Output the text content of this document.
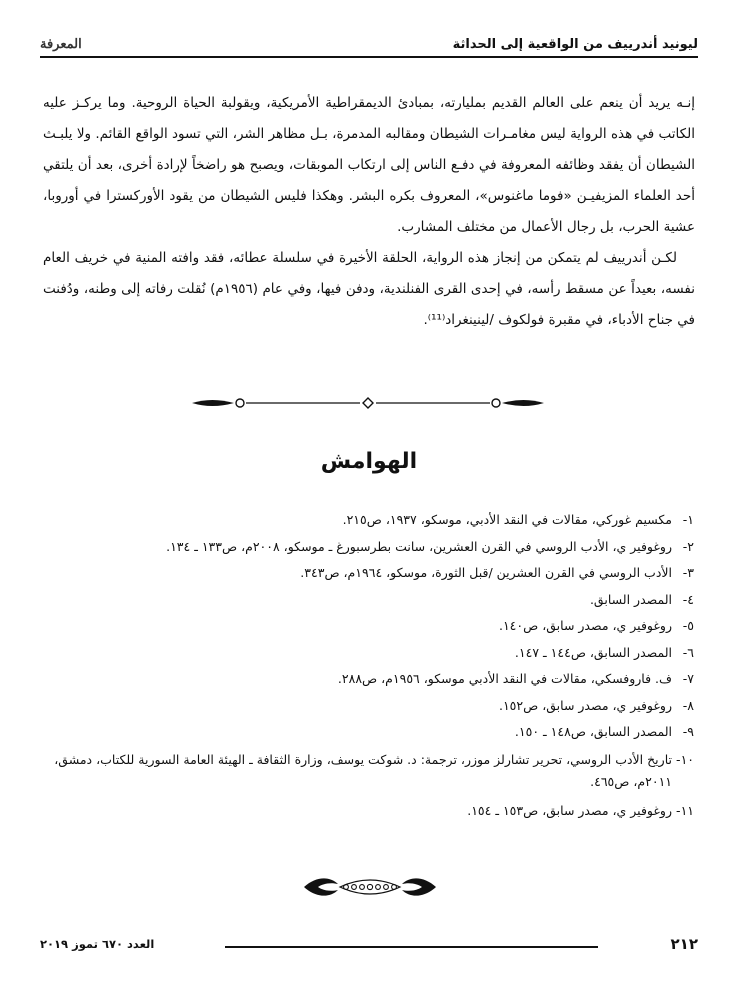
ليونيد أندرييف من الواقعية إلى الحداثة
المعرفة

إنـه يريد أن ينعم على العالم القديم بمليارته، بمبادئ الديمقراطية الأمريكية، ويقولبة الحياة الروحية. وما يركـز عليه الكاتب في هذه الرواية ليس مغامـرات الشيطان ومقالبه المدمرة، بـل مظاهر الشر، التي تسود الواقع القائم. ولا يلبـث الشيطان أن يفقد وظائفه المعروفة في دفـع الناس إلى ارتكاب الموبقات، ويصبح هو راضخاً لإرادة أخرى، بعد أن يلتقي أحد العلماء المزيفيـن «فوما ماغنوس»، المعروف بكره البشر. وهكذا فليس الشيطان من يقود الأوركسترا في أوروبا، عشية الحرب، بل رجال الأعمال من مختلف المشارب.

لكـن أندرييف لم يتمكن من إنجاز هذه الرواية، الحلقة الأخيرة في سلسلة عطائه، فقد وافته المنية في خريف العام نفسه، بعيداً عن مسقط رأسه، في إحدى القرى الفنلندية، ودفن فيها، وفي عام (١٩٥٦م) نُقلت رفاته إلى وطنه، ودُفنت في جناح الأدباء، في مقبرة فولكوف /لينينغراد⁽¹¹⁾.

الهوامش
١-مكسيم غوركي، مقالات في النقد الأدبي، موسكو، ١٩٣٧، ص٢١٥.
٢-روغوفير ي، الأدب الروسي في القرن العشرين، سانت بطرسبورغ ـ موسكو، ٢٠٠٨م، ص١٣٣ ـ ١٣٤.
٣-الأدب الروسي في القرن العشرين /قبل الثورة، موسكو، ١٩٦٤م، ص٣٤٣.
٤-المصدر السابق.
٥-روغوفير ي، مصدر سابق، ص١٤٠.
٦-المصدر السابق، ص١٤٤ ـ ١٤٧.
٧-ف. فاروفسكي، مقالات في النقد الأدبي موسكو، ١٩٥٦م، ص٢٨٨.
٨-روغوفير ي، مصدر سابق، ص١٥٢.
٩-المصدر السابق، ص١٤٨ ـ ١٥٠.
١٠-تاريخ الأدب الروسي، تحرير تشارلز موزر، ترجمة: د. شوكت يوسف، وزارة الثقافة ـ الهيئة العامة السورية للكتاب، دمشق، ٢٠١١م، ص٤٦٥.
١١-روغوفير ي، مصدر سابق، ص١٥٣ ـ ١٥٤.
٢١٢
العدد ٦٧٠ تموز ٢٠١٩
